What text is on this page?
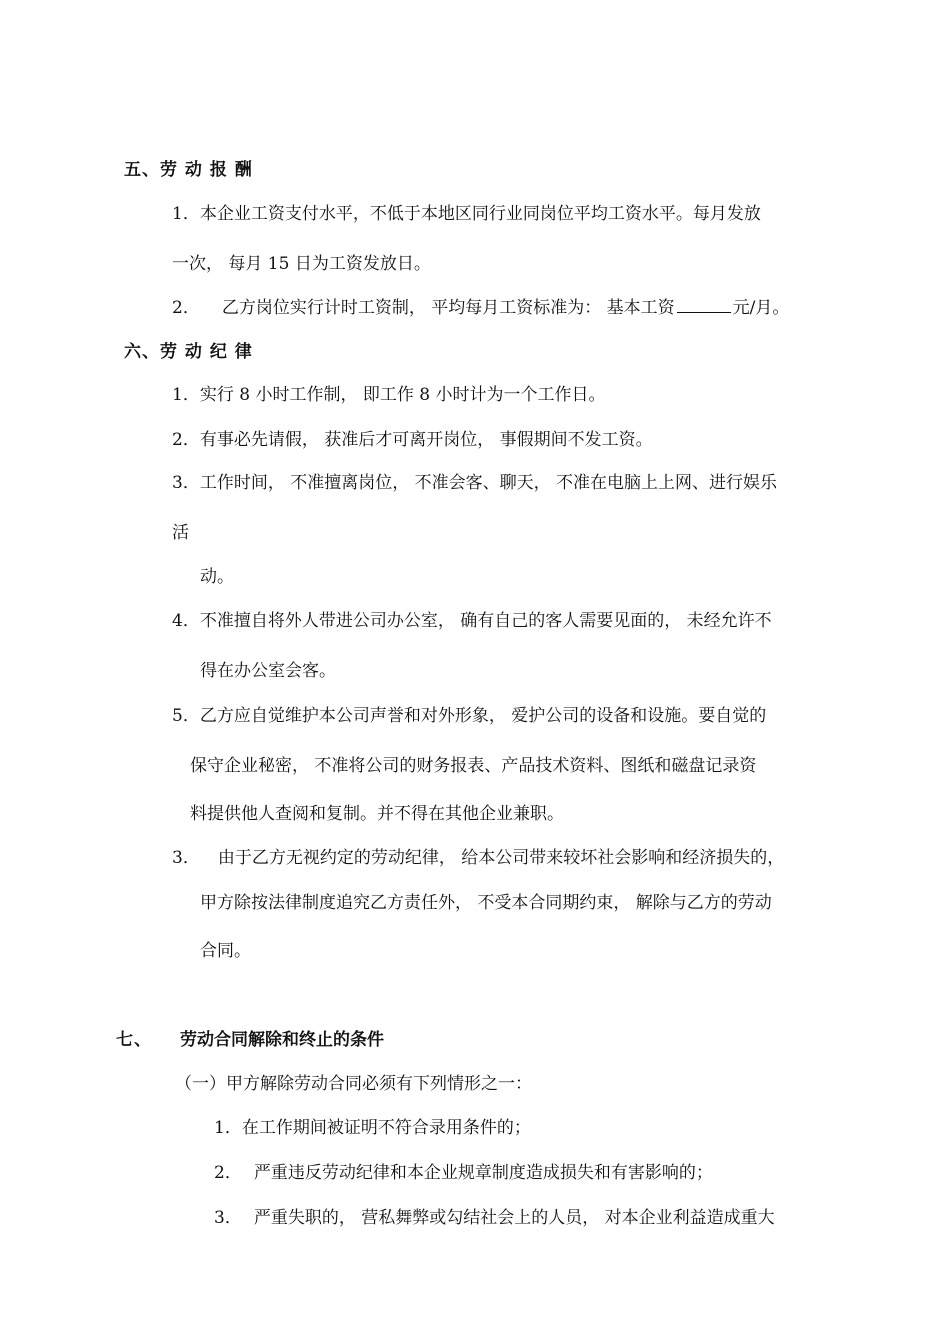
五、劳 动 报 酬
1．本企业工资支付水平，不低于本地区同行业同岗位平均工资水平。每月发放
一次， 每月 15 日为工资发放日。
2． 乙方岗位实行计时工资制， 平均每月工资标准为： 基本工资	元/月。
六、劳 动 纪 律
1．实行 8 小时工作制， 即工作 8 小时计为一个工作日。
2．有事必先请假， 获准后才可离开岗位， 事假期间不发工资。
3．工作时间， 不准擅离岗位， 不准会客、聊天， 不准在电脑上上网、进行娱乐
活
动。
4．不准擅自将外人带进公司办公室， 确有自己的客人需要见面的， 未经允许不
得在办公室会客。
5．乙方应自觉维护本公司声誉和对外形象， 爱护公司的设备和设施。要自觉的
保守企业秘密， 不准将公司的财务报表、产品技术资料、图纸和磁盘记录资
料提供他人查阅和复制。并不得在其他企业兼职。
3． 由于乙方无视约定的劳动纪律， 给本公司带来较坏社会影响和经济损失的，
甲方除按法律制度追究乙方责任外， 不受本合同期约束， 解除与乙方的劳动
合同。
七、 劳动合同解除和终止的条件
（一）甲方解除劳动合同必须有下列情形之一：
1．在工作期间被证明不符合录用条件的；
2． 严重违反劳动纪律和本企业规章制度造成损失和有害影响的；
3． 严重失职的， 营私舞弊或勾结社会上的人员， 对本企业利益造成重大
